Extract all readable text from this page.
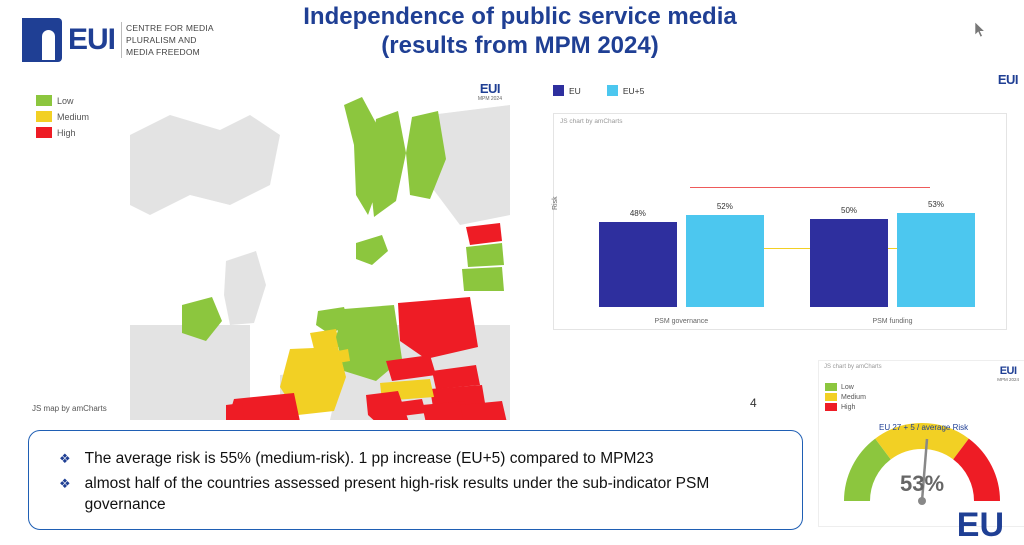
EUI CENTRE FOR MEDIA
PLURALISM AND
MEDIA FREEDOM
Independence of public service media
(results from MPM 2024)
Low
Medium
High
EUI
MPM 2024
JS map by amCharts
EU	EU+5
JS chart by amCharts
Risk
48%
52%	50%
53%
PSM governance	PSM funding
EUI
4
JS chart by amCharts	EUI
MPM 2024
Low
Medium
High
EU 27 + 5 / average Risk
53%
❖ The average risk is 55% (medium-risk). 1 pp increase (EU+5) compared to MPM23
❖ almost half of the countries assessed present high-risk results under the sub-indicator PSM governance
EU
